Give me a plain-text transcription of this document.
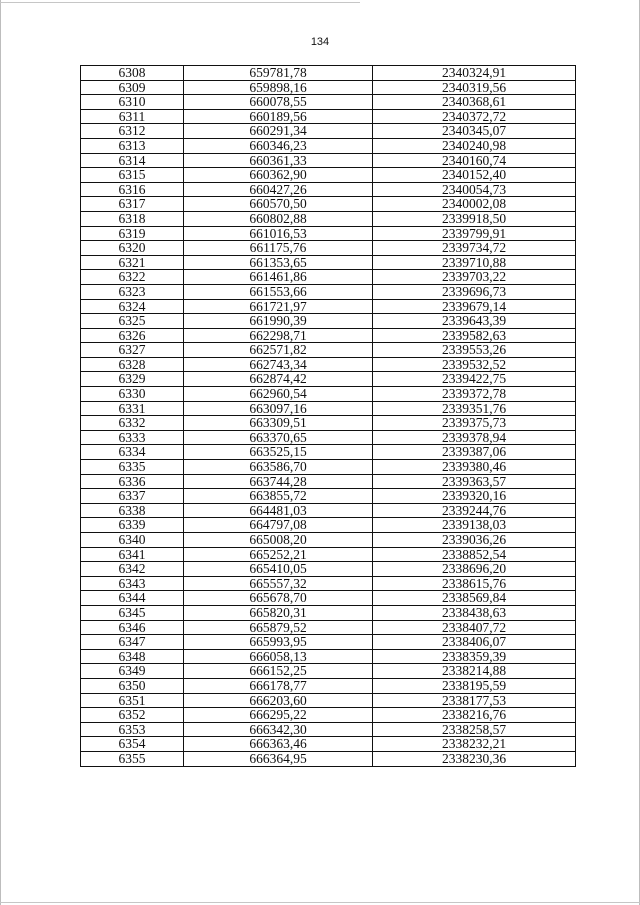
134
6308	659781,78	2340324,91
6309	659898,16	2340319,56
6310	660078,55	2340368,61
6311	660189,56	2340372,72
6312	660291,34	2340345,07
6313	660346,23	2340240,98
6314	660361,33	2340160,74
6315	660362,90	2340152,40
6316	660427,26	2340054,73
6317	660570,50	2340002,08
6318	660802,88	2339918,50
6319	661016,53	2339799,91
6320	661175,76	2339734,72
6321	661353,65	2339710,88
6322	661461,86	2339703,22
6323	661553,66	2339696,73
6324	661721,97	2339679,14
6325	661990,39	2339643,39
6326	662298,71	2339582,63
6327	662571,82	2339553,26
6328	662743,34	2339532,52
6329	662874,42	2339422,75
6330	662960,54	2339372,78
6331	663097,16	2339351,76
6332	663309,51	2339375,73
6333	663370,65	2339378,94
6334	663525,15	2339387,06
6335	663586,70	2339380,46
6336	663744,28	2339363,57
6337	663855,72	2339320,16
6338	664481,03	2339244,76
6339	664797,08	2339138,03
6340	665008,20	2339036,26
6341	665252,21	2338852,54
6342	665410,05	2338696,20
6343	665557,32	2338615,76
6344	665678,70	2338569,84
6345	665820,31	2338438,63
6346	665879,52	2338407,72
6347	665993,95	2338406,07
6348	666058,13	2338359,39
6349	666152,25	2338214,88
6350	666178,77	2338195,59
6351	666203,60	2338177,53
6352	666295,22	2338216,76
6353	666342,30	2338258,57
6354	666363,46	2338232,21
6355	666364,95	2338230,36
